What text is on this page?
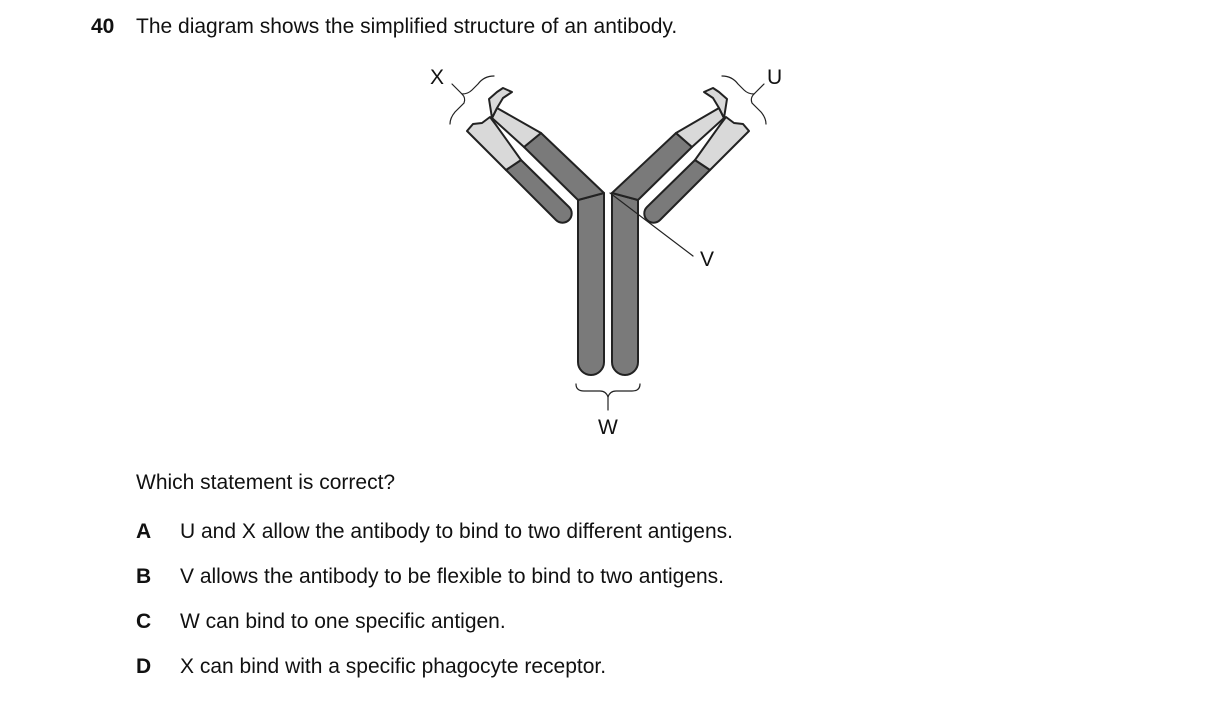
40 The diagram shows the simplified structure of an antibody.
X	U
V
W
Which statement is correct?
A U and X allow the antibody to bind to two different antigens.
B V allows the antibody to be flexible to bind to two antigens.
C W can bind to one specific antigen.
D X can bind with a specific phagocyte receptor.
